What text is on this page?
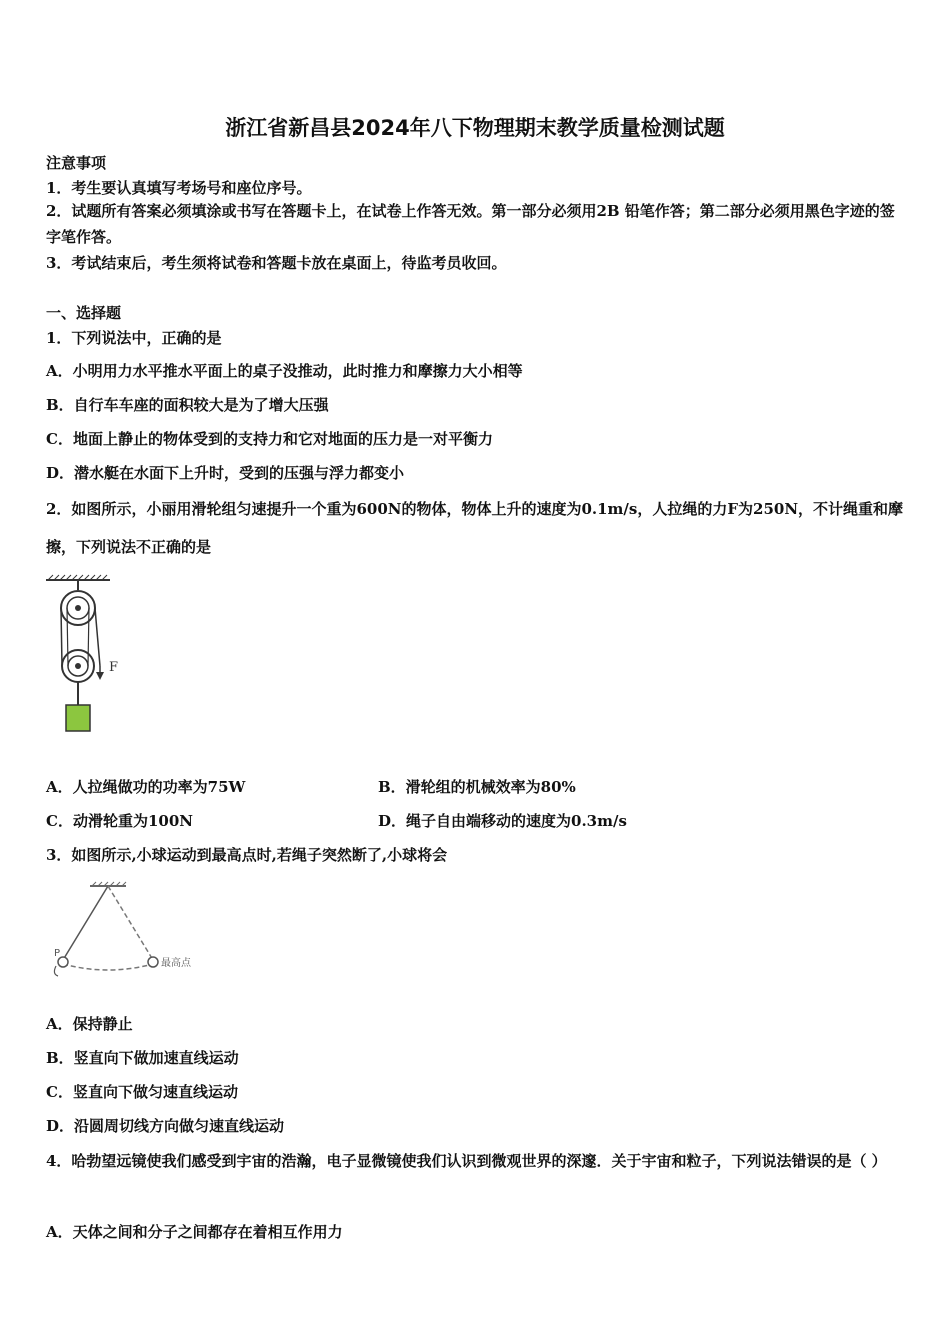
浙江省新昌县2024年八下物理期末教学质量检测试题
注意事项
1．考生要认真填写考场号和座位序号。
2．试题所有答案必须填涂或书写在答题卡上，在试卷上作答无效。第一部分必须用2B 铅笔作答；第二部分必须用黑色字迹的签字笔作答。
3．考试结束后，考生须将试卷和答题卡放在桌面上，待监考员收回。
一、选择题
1．下列说法中，正确的是
A．小明用力水平推水平面上的桌子没推动，此时推力和摩擦力大小相等
B．自行车车座的面积较大是为了增大压强
C．地面上静止的物体受到的支持力和它对地面的压力是一对平衡力
D．潜水艇在水面下上升时，受到的压强与浮力都变小
2．如图所示，小丽用滑轮组匀速提升一个重为600N的物体，物体上升的速度为0.1m/s，人拉绳的力F为250N，不计绳重和摩擦，下列说法不正确的是
F
A．人拉绳做功的功率为75W	B．滑轮组的机械效率为80%
C．动滑轮重为100N	D．绳子自由端移动的速度为0.3m/s
3．如图所示,小球运动到最高点时,若绳子突然断了,小球将会
P
最高点
A．保持静止
B．竖直向下做加速直线运动
C．竖直向下做匀速直线运动
D．沿圆周切线方向做匀速直线运动
4．哈勃望远镜使我们感受到宇宙的浩瀚，电子显微镜使我们认识到微观世界的深邃．关于宇宙和粒子，下列说法错误的是（ ）
A．天体之间和分子之间都存在着相互作用力
